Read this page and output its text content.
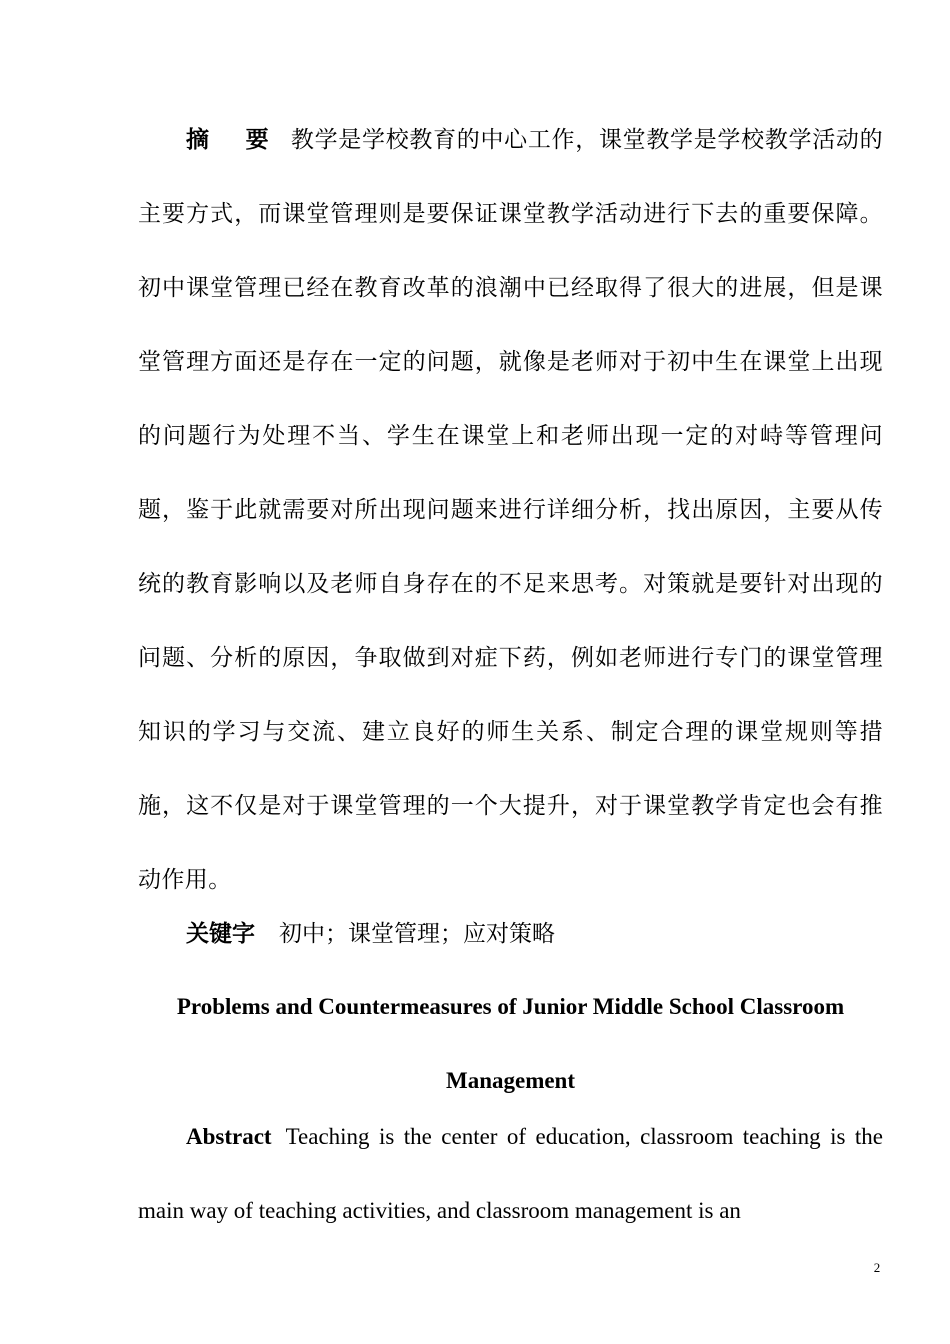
摘 要 教学是学校教育的中心工作，课堂教学是学校教学活动的主要方式，而课堂管理则是要保证课堂教学活动进行下去的重要保障。初中课堂管理已经在教育改革的浪潮中已经取得了很大的进展，但是课堂管理方面还是存在一定的问题，就像是老师对于初中生在课堂上出现的问题行为处理不当、学生在课堂上和老师出现一定的对峙等管理问题，鉴于此就需要对所出现问题来进行详细分析，找出原因，主要从传统的教育影响以及老师自身存在的不足来思考。对策就是要针对出现的问题、分析的原因，争取做到对症下药，例如老师进行专门的课堂管理知识的学习与交流、建立良好的师生关系、制定合理的课堂规则等措施，这不仅是对于课堂管理的一个大提升，对于课堂教学肯定也会有推动作用。

关键字 初中；课堂管理；应对策略

Problems and Countermeasures of Junior Middle School Classroom Management

Abstract Teaching is the center of education, classroom teaching is the main way of teaching activities, and classroom management is an

2
